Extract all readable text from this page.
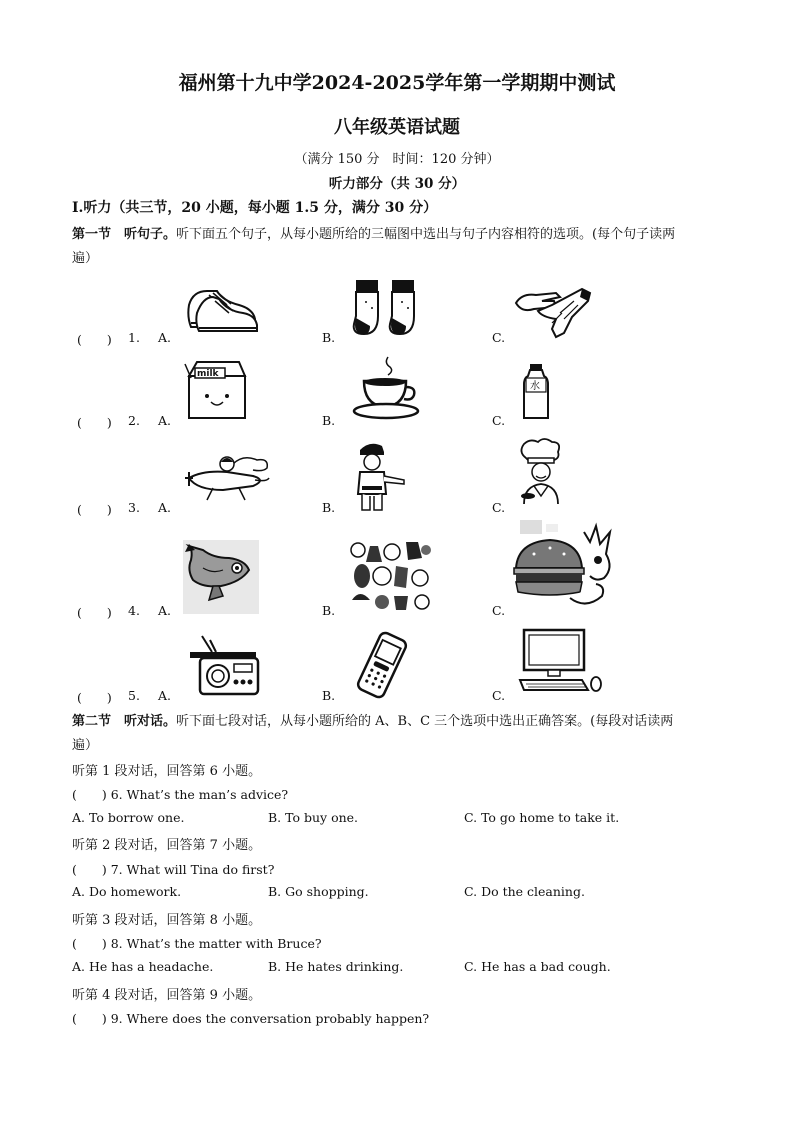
福州第十九中学2024-2025学年第一学期期中测试
八年级英语试题
（满分 150 分　时间：120 分钟）
听力部分（共 30 分）
Ⅰ.听力（共三节，20 小题，每小题 1.5 分，满分 30 分）
第一节　听句子。听下面五个句子，从每小题所给的三幅图中选出与句子内容相符的选项。(每个句子读两
遍）
(　　) 1. A.	B.	C.
(　　) 2. A.	B.	C.
milk
水
(　　) 3. A.	B.	C.
(　　) 4. A.	B.	C.
(　　) 5. A.	B.	C.
第二节　听对话。听下面七段对话，从每小题所给的 A、B、C 三个选项中选出正确答案。(每段对话读两
遍）
听第 1 段对话，回答第 6 小题。
(　　) 6. What’s the man’s advice?
A. To borrow one.	B. To buy one.	C. To go home to take it.
听第 2 段对话，回答第 7 小题。
(　　) 7. What will Tina do first?
A. Do homework.	B. Go shopping.	C. Do the cleaning.
听第 3 段对话，回答第 8 小题。
(　　) 8. What’s the matter with Bruce?
A. He has a headache.	B. He hates drinking.	C. He has a bad cough.
听第 4 段对话，回答第 9 小题。
(　　) 9. Where does the conversation probably happen?
